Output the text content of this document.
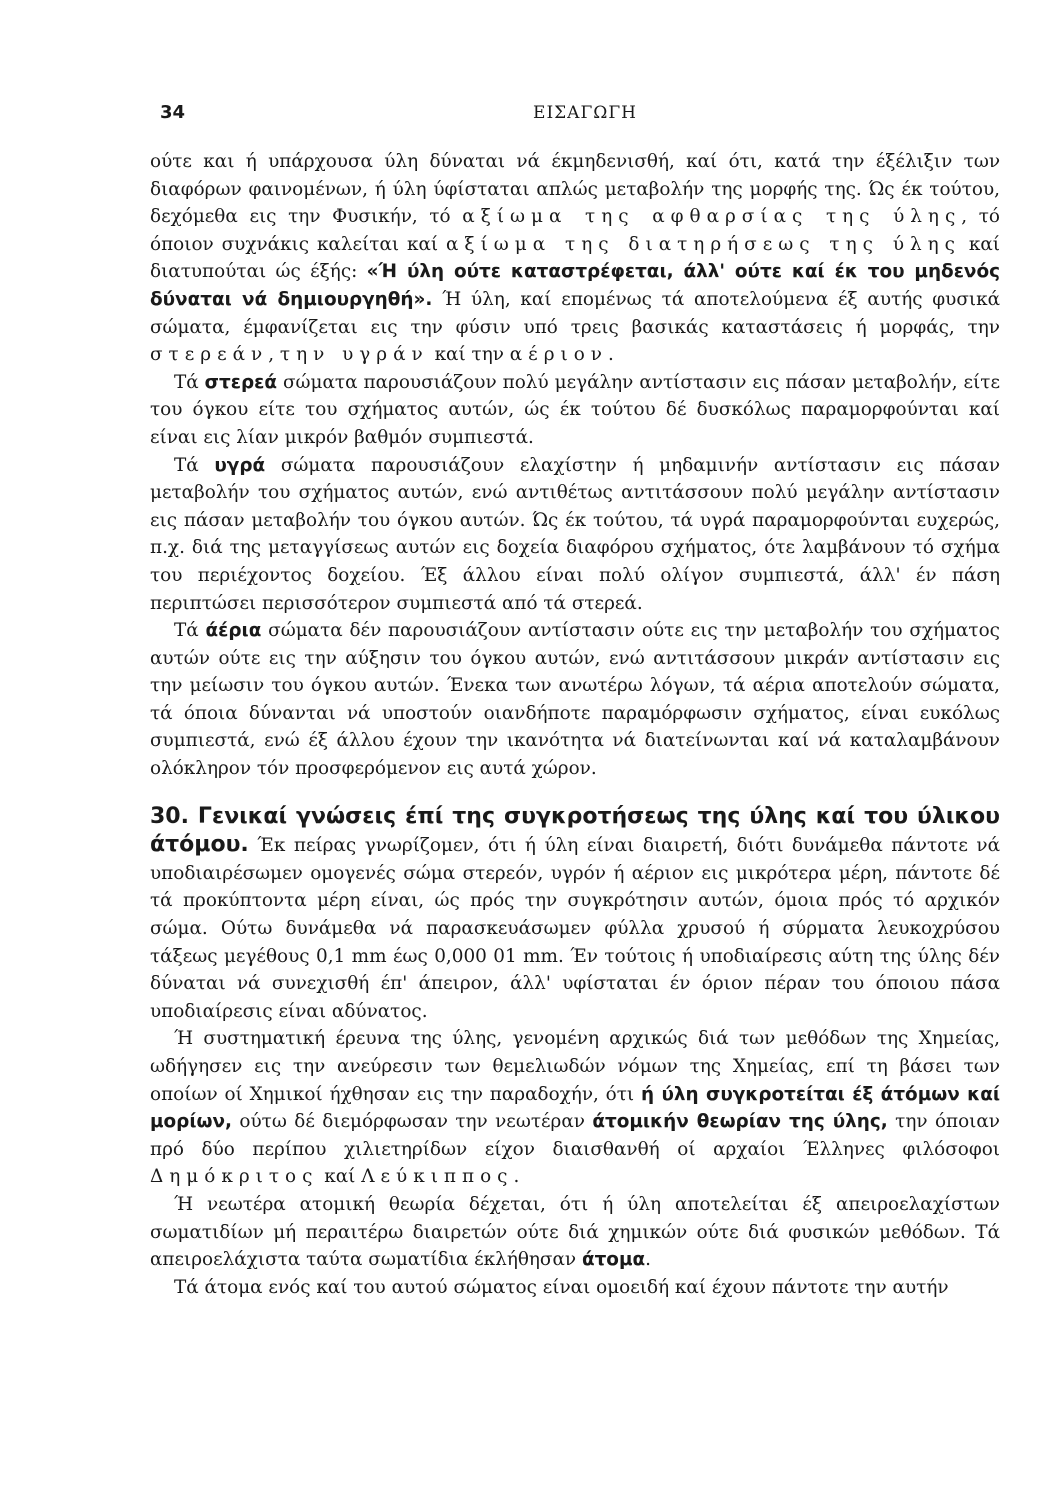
34	ΕΙΣΑΓΩΓΗ

ούτε και ή υπάρχουσα ύλη δύναται νά έκμηδενισθή, καί ότι, κατά την έξέλιξιν των διαφόρων φαινομένων, ή ύλη ύφίσταται απλώς μεταβολήν της μορφής της. Ώς έκ τούτου, δεχόμεθα εις την Φυσικήν, τό αξίωμα της αφθαρσίας της ύλης, τό όποιον συχνάκις καλείται καί αξίωμα της διατηρήσεως της ύλης καί διατυπούται ώς έξής: «Ή ύλη ούτε καταστρέφεται, άλλ' ούτε καί έκ του μηδενός δύναται νά δημιουργηθή». Ή ύλη, καί επομένως τά αποτελούμενα έξ αυτής φυσικά σώματα, έμφανίζεται εις την φύσιν υπό τρεις βασικάς καταστάσεις ή μορφάς, την στερεάν, την υγράν καί την αέριον.

Τά στερεά σώματα παρουσιάζουν πολύ μεγάλην αντίστασιν εις πάσαν μεταβολήν, είτε του όγκου είτε του σχήματος αυτών, ώς έκ τούτου δέ δυσκόλως παραμορφούνται καί είναι εις λίαν μικρόν βαθμόν συμπιεστά.

Τά υγρά σώματα παρουσιάζουν ελαχίστην ή μηδαμινήν αντίστασιν εις πάσαν μεταβολήν του σχήματος αυτών, ενώ αντιθέτως αντιτάσσουν πολύ μεγάλην αντίστασιν εις πάσαν μεταβολήν του όγκου αυτών. Ώς έκ τούτου, τά υγρά παραμορφούνται ευχερώς, π.χ. διά της μεταγγίσεως αυτών εις δοχεία διαφόρου σχήματος, ότε λαμβάνουν τό σχήμα του περιέχοντος δοχείου. Έξ άλλου είναι πολύ ολίγον συμπιεστά, άλλ' έν πάση περιπτώσει περισσότερον συμπιεστά από τά στερεά.

Τά άέρια σώματα δέν παρουσιάζουν αντίστασιν ούτε εις την μεταβολήν του σχήματος αυτών ούτε εις την αύξησιν του όγκου αυτών, ενώ αντιτάσσουν μικράν αντίστασιν εις την μείωσιν του όγκου αυτών. Ένεκα των ανωτέρω λόγων, τά αέρια αποτελούν σώματα, τά όποια δύνανται νά υποστούν οιανδήποτε παραμόρφωσιν σχήματος, είναι ευκόλως συμπιεστά, ενώ έξ άλλου έχουν την ικανότητα νά διατείνωνται καί νά καταλαμβάνουν ολόκληρον τόν προσφερόμενον εις αυτά χώρον.

30. Γενικαί γνώσεις έπί της συγκροτήσεως της ύλης καί του ύλικου άτόμου. Έκ πείρας γνωρίζομεν, ότι ή ύλη είναι διαιρετή, διότι δυνάμεθα πάντοτε νά υποδιαιρέσωμεν ομογενές σώμα στερεόν, υγρόν ή αέριον εις μικρότερα μέρη, πάντοτε δέ τά προκύπτοντα μέρη είναι, ώς πρός την συγκρότησιν αυτών, όμοια πρός τό αρχικόν σώμα. Ούτω δυνάμεθα νά παρασκευάσωμεν φύλλα χρυσού ή σύρματα λευκοχρύσου τάξεως μεγέθους 0,1 mm έως 0,000 01 mm. Έν τούτοις ή υποδιαίρεσις αύτη της ύλης δέν δύναται νά συνεχισθή έπ' άπειρον, άλλ' υφίσταται έν όριον πέραν του όποιου πάσα υποδιαίρεσις είναι αδύνατος.

Ή συστηματική έρευνα της ύλης, γενομένη αρχικώς διά των μεθόδων της Χημείας, ωδήγησεν εις την ανεύρεσιν των θεμελιωδών νόμων της Χημείας, επί τη βάσει των οποίων οί Χημικοί ήχθησαν εις την παραδοχήν, ότι ή ύλη συγκροτείται έξ άτόμων καί μορίων, ούτω δέ διεμόρφωσαν την νεωτέραν άτομικήν θεωρίαν της ύλης, την όποιαν πρό δύο περίπου χιλιετηρίδων είχον διαισθανθή οί αρχαίοι Έλληνες φιλόσοφοι Δημόκριτος καί Λεύκιππος.

Ή νεωτέρα ατομική θεωρία δέχεται, ότι ή ύλη αποτελείται έξ απειροελαχίστων σωματιδίων μή περαιτέρω διαιρετών ούτε διά χημικών ούτε διά φυσικών μεθόδων. Τά απειροελάχιστα ταύτα σωματίδια έκλήθησαν άτομα.

Τά άτομα ενός καί του αυτού σώματος είναι ομοειδή καί έχουν πάντοτε την αυτήν
